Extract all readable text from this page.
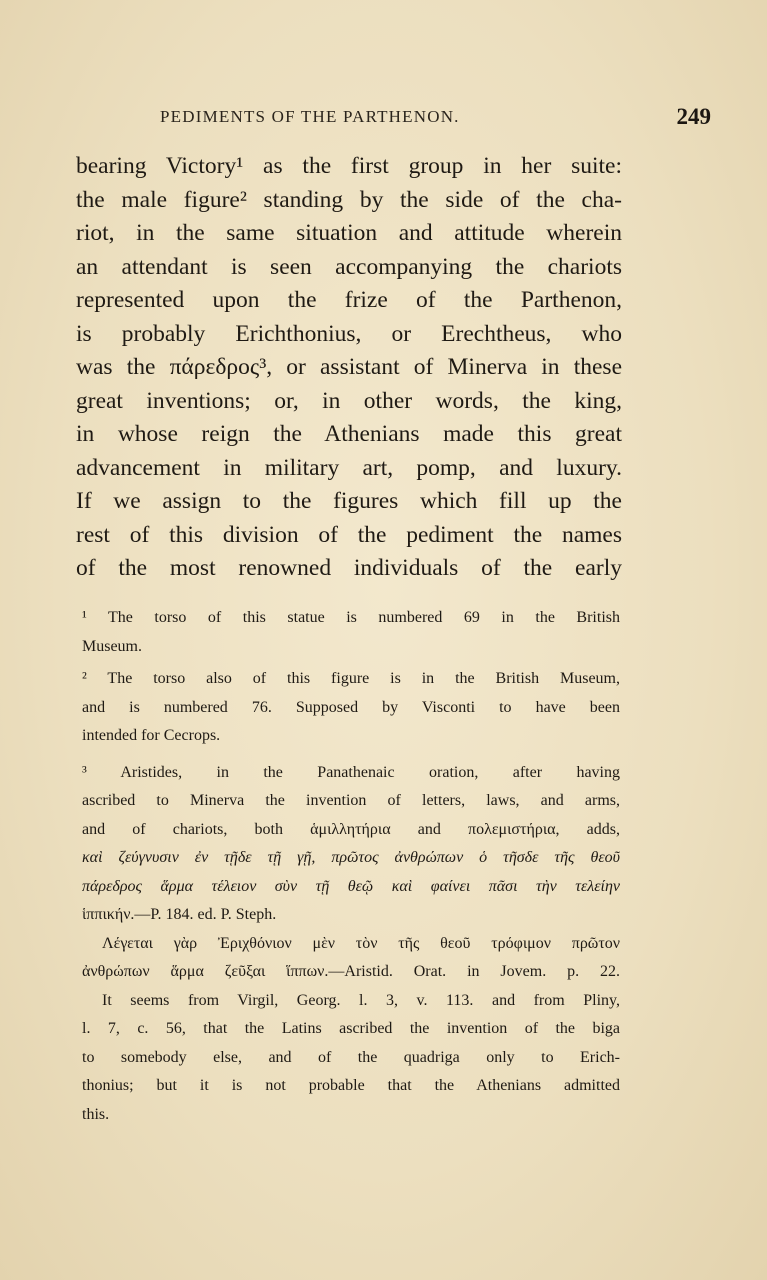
PEDIMENTS OF THE PARTHENON.	249
bearing Victory¹ as the first group in her suite:
the male figure² standing by the side of the cha-
riot, in the same situation and attitude wherein
an attendant is seen accompanying the chariots
represented upon the frize of the Parthenon,
is probably Erichthonius, or Erechtheus, who
was the πάρεδρος³, or assistant of Minerva in these
great inventions; or, in other words, the king,
in whose reign the Athenians made this great
advancement in military art, pomp, and luxury.
If we assign to the figures which fill up the
rest of this division of the pediment the names
of the most renowned individuals of the early
¹ The torso of this statue is numbered 69 in the British
Museum.
² The torso also of this figure is in the British Museum,
and is numbered 76. Supposed by Visconti to have been
intended for Cecrops.
³ Aristides, in the Panathenaic oration, after having
ascribed to Minerva the invention of letters, laws, and arms,
and of chariots, both ἁμιλλητήρια and πολεμιστήρια, adds,
καὶ ζεύγνυσιν ἐν τῇδε τῇ γῇ, πρῶτος ἀνθρώπων ὁ τῆσδε τῆς θεοῦ
πάρεδρος ἅρμα τέλειον σὺν τῇ θεῷ καὶ φαίνει πᾶσι τὴν τελείην
ἱππικήν.—P. 184. ed. P. Steph.
Λέγεται γὰρ Ἐριχθόνιον μὲν τὸν τῆς θεοῦ τρόφιμον πρῶτον
ἀνθρώπων ἅρμα ζεῦξαι ἵππων.—Aristid. Orat. in Jovem. p. 22.
It seems from Virgil, Georg. l. 3, v. 113. and from Pliny,
l. 7, c. 56, that the Latins ascribed the invention of the biga
to somebody else, and of the quadriga only to Erich-
thonius; but it is not probable that the Athenians admitted
this.
